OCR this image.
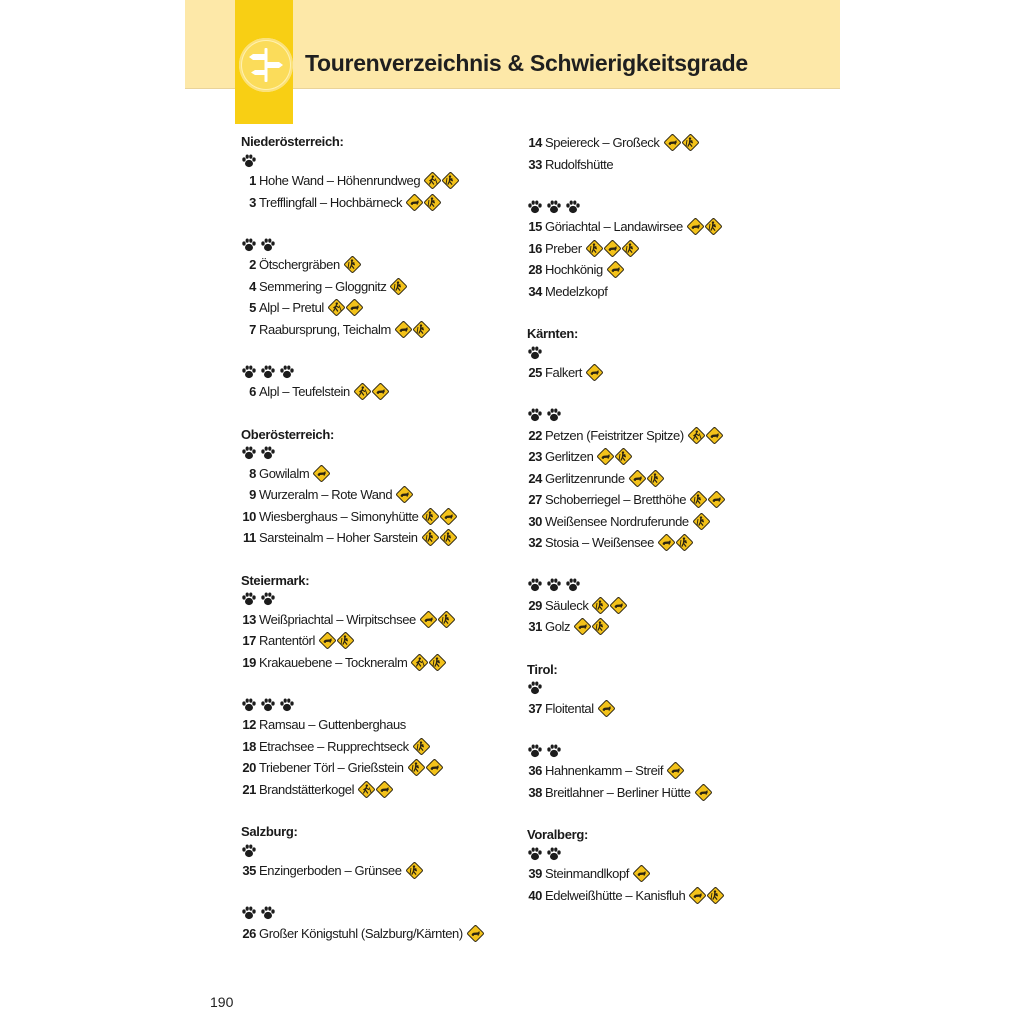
Tourenverzeichnis & Schwierigkeitsgrade
Niederösterreich:
1 Hohe Wand – Höhenrundweg
3 Trefflingfall – Hochbärneck
2 Ötschergräben
4 Semmering – Gloggnitz
5 Alpl – Pretul
7 Raabursprung, Teichalm
6 Alpl – Teufelstein
Oberösterreich:
8 Gowilalm
9 Wurzeralm – Rote Wand
10 Wiesberghaus – Simonyhütte
11 Sarsteinalm – Hoher Sarstein
Steiermark:
13 Weißpriachtal – Wirpitschsee
17 Rantentörl
19 Krakauebene – Tockneralm
12 Ramsau – Guttenberghaus
18 Etrachsee – Rupprechtseck
20 Triebener Törl – Grießstein
21 Brandstätterkogel
Salzburg:
35 Enzingerboden – Grünsee
26 Großer Königstuhl (Salzburg/Kärnten)
14 Speiereck – Großeck
33 Rudolfshütte
15 Göriachtal – Landawirsee
16 Preber
28 Hochkönig
34 Medelzkopf
Kärnten:
25 Falkert
22 Petzen (Feistritzer Spitze)
23 Gerlitzen
24 Gerlitzenrunde
27 Schoberriegel – Bretthöhe
30 Weißensee Nordruferunde
32 Stosia – Weißensee
29 Säuleck
31 Golz
Tirol:
37 Floitental
36 Hahnenkamm – Streif
38 Breitlahner – Berliner Hütte
Voralberg:
39 Steinmandlkopf
40 Edelweißhütte – Kanisfluh
190
